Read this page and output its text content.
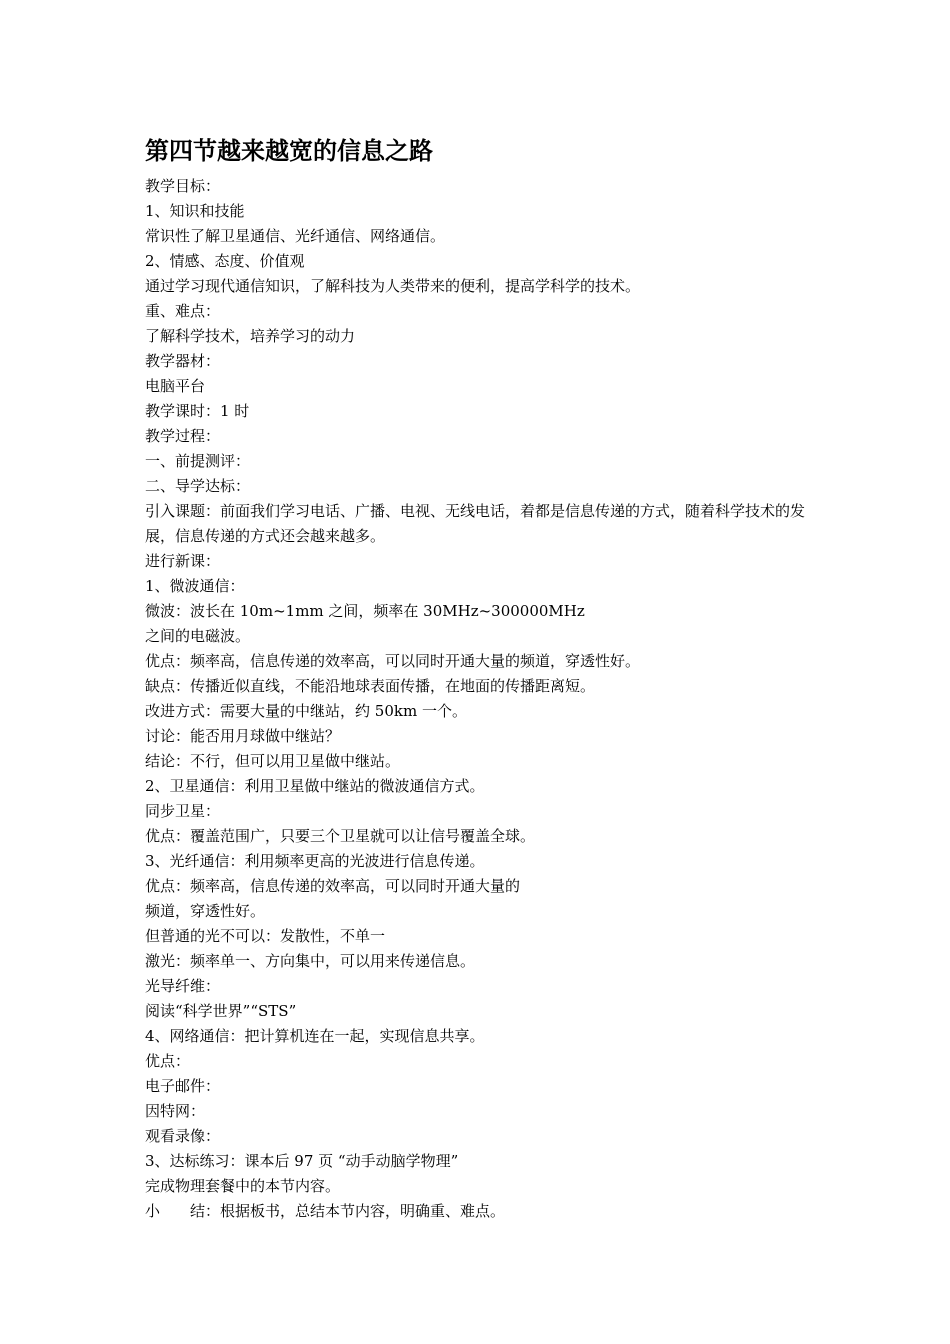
第四节越来越宽的信息之路
教学目标：
1、知识和技能
常识性了解卫星通信、光纤通信、网络通信。
2、情感、态度、价值观
通过学习现代通信知识，了解科技为人类带来的便利，提高学科学的技术。
重、难点：
了解科学技术，培养学习的动力
教学器材：
电脑平台
教学课时：1 时
教学过程：
一、前提测评：
二、导学达标：
引入课题：前面我们学习电话、广播、电视、无线电话，着都是信息传递的方式，随着科学技术的发展，信息传递的方式还会越来越多。
进行新课：
1、微波通信：
微波：波长在 10m~1mm 之间，频率在 30MHz~300000MHz
之间的电磁波。
优点：频率高，信息传递的效率高，可以同时开通大量的频道，穿透性好。
缺点：传播近似直线，不能沿地球表面传播，在地面的传播距离短。
改进方式：需要大量的中继站，约 50km 一个。
讨论：能否用月球做中继站？
结论：不行，但可以用卫星做中继站。
2、卫星通信：利用卫星做中继站的微波通信方式。
同步卫星：
优点：覆盖范围广，只要三个卫星就可以让信号覆盖全球。
3、光纤通信：利用频率更高的光波进行信息传递。
优点：频率高，信息传递的效率高，可以同时开通大量的
频道，穿透性好。
但普通的光不可以：发散性，不单一
激光：频率单一、方向集中，可以用来传递信息。
光导纤维：
阅读“科学世界”“STS”
4、网络通信：把计算机连在一起，实现信息共享。
优点：
电子邮件：
因特网：
观看录像：
3、达标练习：课本后 97 页 “动手动脑学物理”
完成物理套餐中的本节内容。
小　　结：根据板书，总结本节内容，明确重、难点。
